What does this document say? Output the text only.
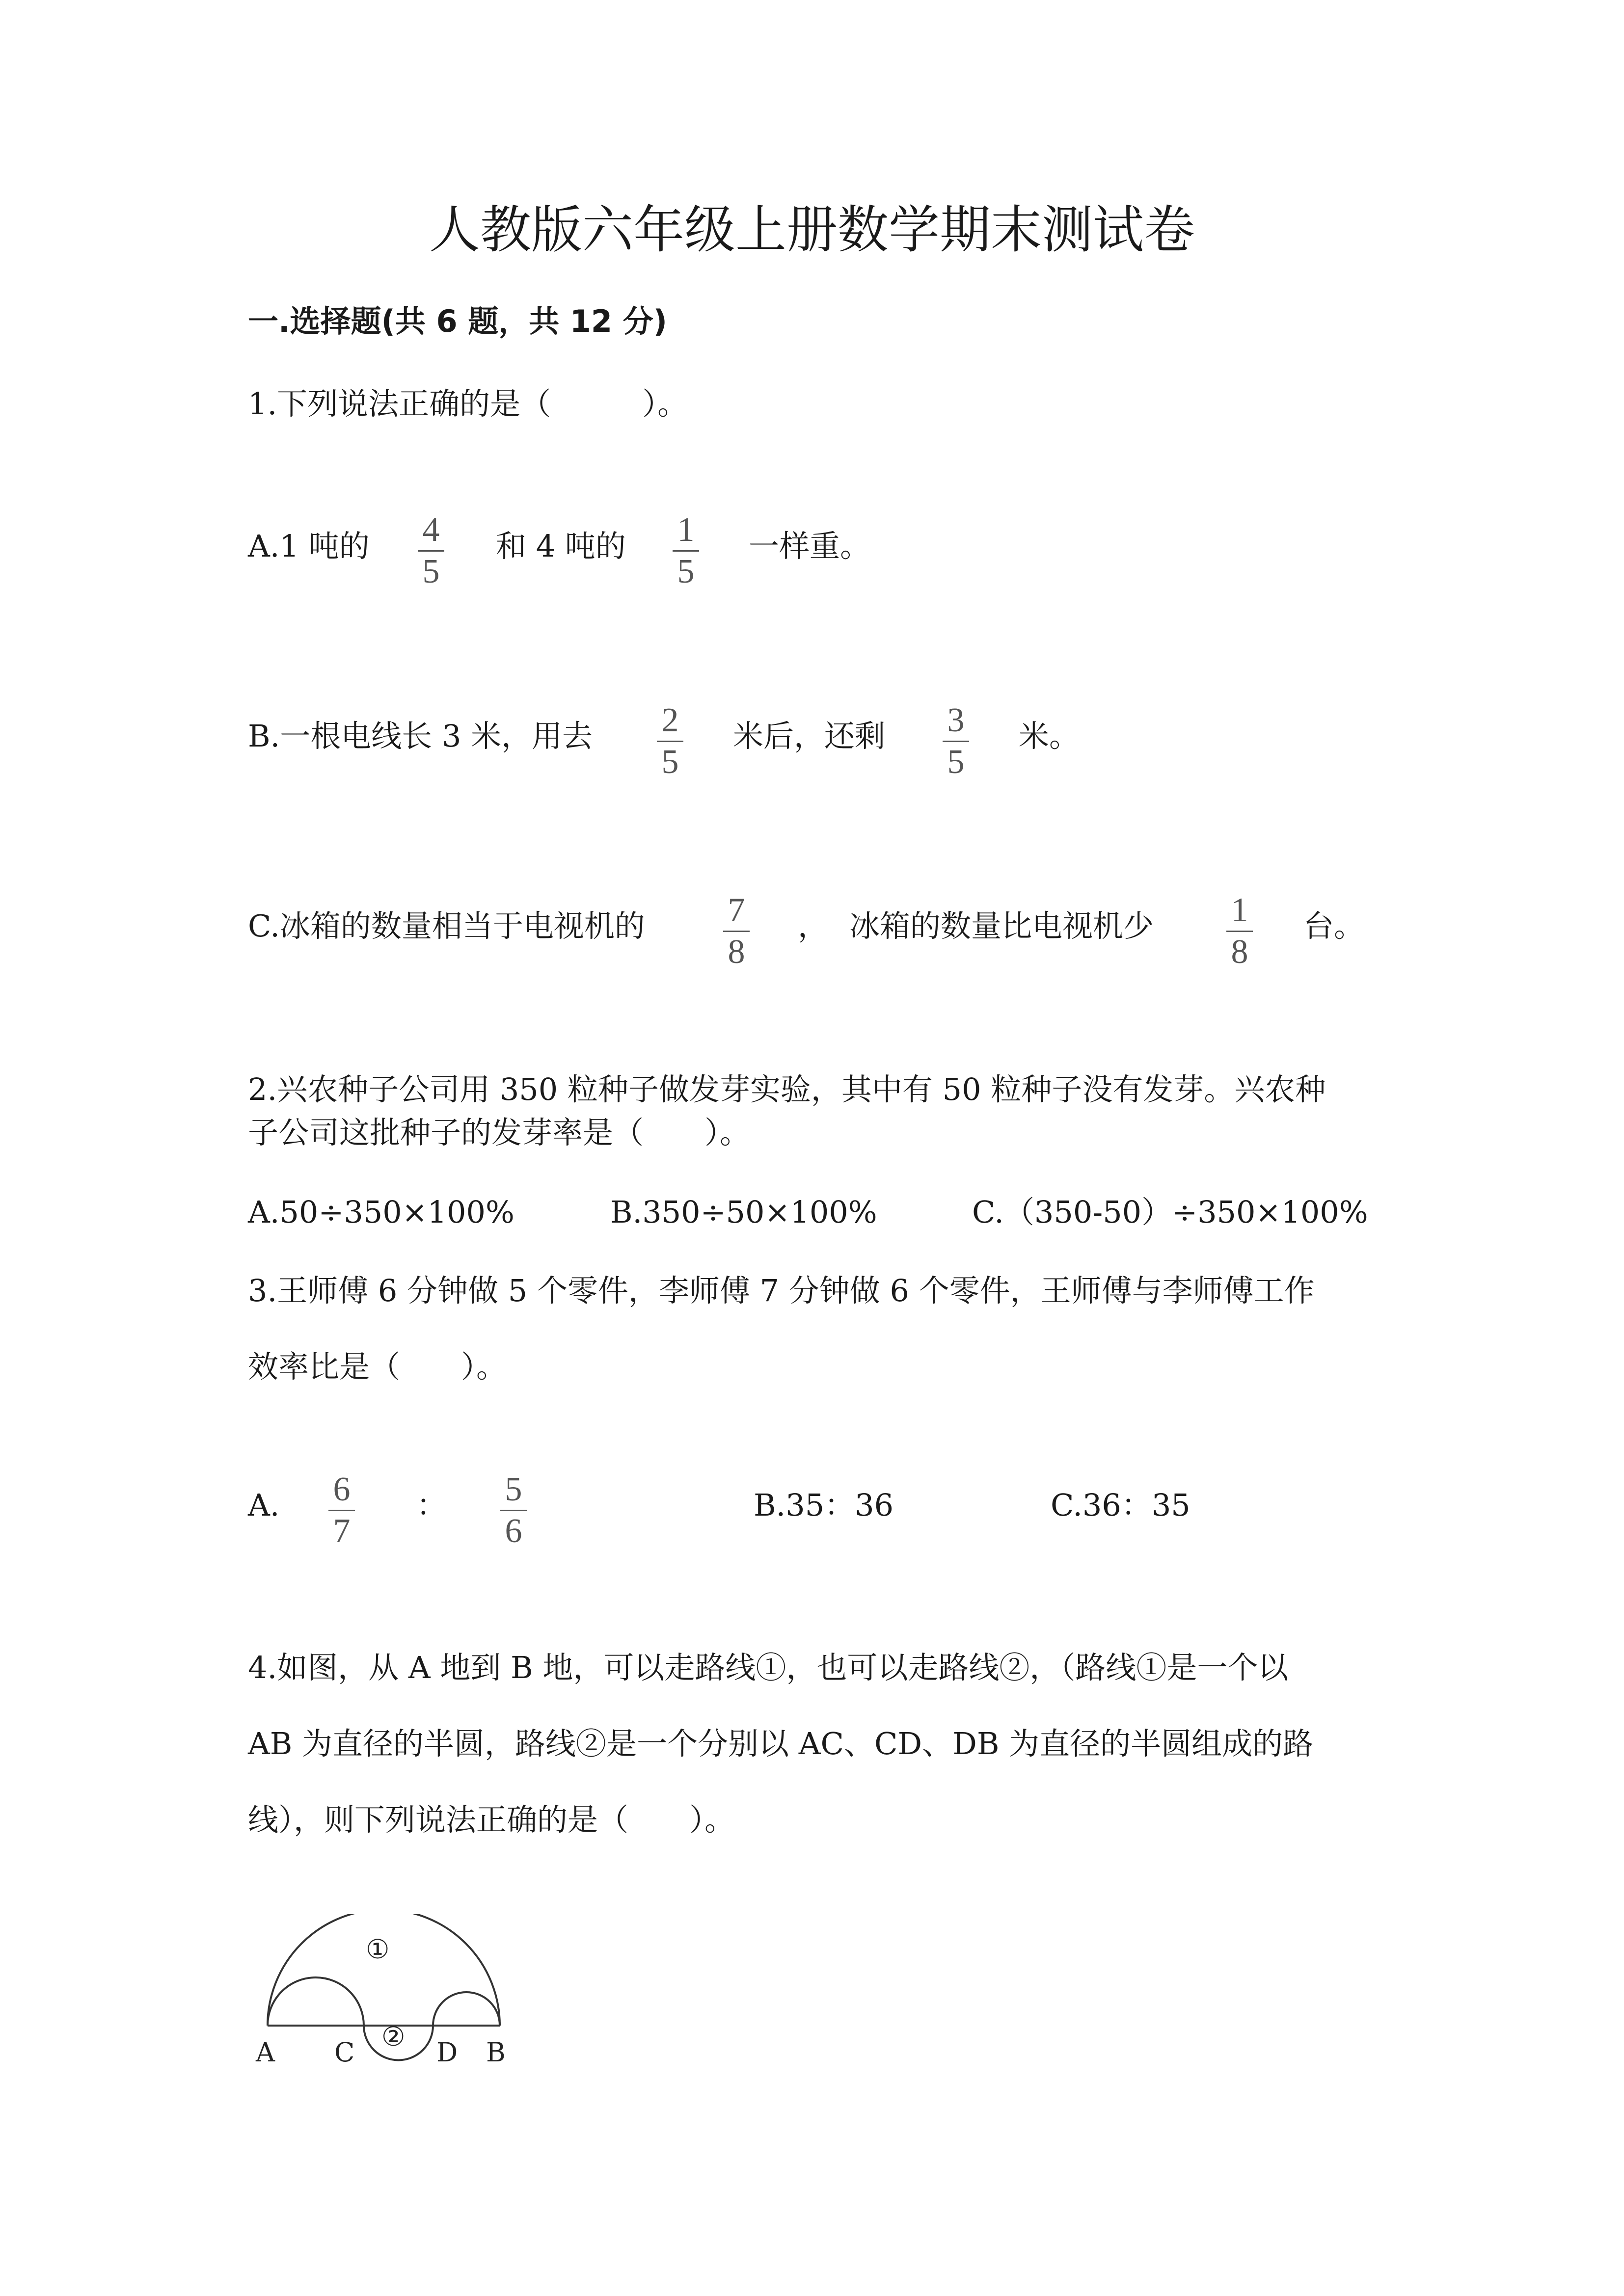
人教版六年级上册数学期末测试卷
一.选择题(共 6 题，共 12 分)
1.下列说法正确的是（　　　）。
A.1 吨的 4
5
和 4 吨的 1
5
一样重。
B.一根电线长 3 米，用去 2
5
米后，还剩 3
5
米。
C.冰箱的数量相当于电视机的 7
8
， 冰箱的数量比电视机少 1
8
台。
2.兴农种子公司用 350 粒种子做发芽实验，其中有 50 粒种子没有发芽。兴农种
子公司这批种子的发芽率是（　　）。
A.50÷350×100%	B.350÷50×100%	C.（350-50）÷350×100%
3.王师傅 6 分钟做 5 个零件，李师傅 7 分钟做 6 个零件，王师傅与李师傅工作
效率比是（　　）。
A. 6
7
： 5
6
B.35：36	C.36：35
4.如图，从 A 地到 B 地，可以走路线①，也可以走路线②，（路线①是一个以
AB 为直径的半圆，路线②是一个分别以 AC、CD、DB 为直径的半圆组成的路
线），则下列说法正确的是（　　）。
①
②
A C	D B
